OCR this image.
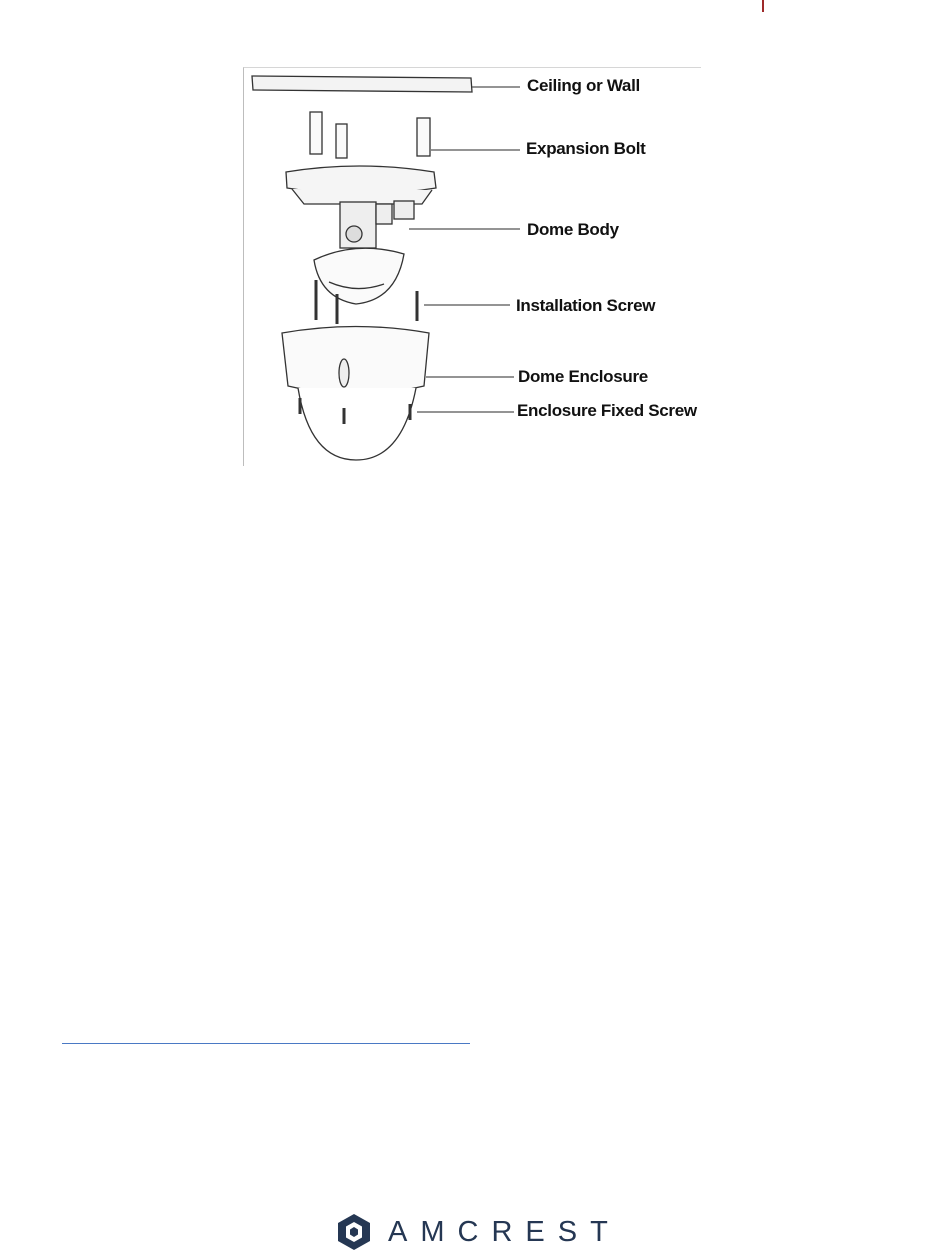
Ceiling or Wall
Expansion Bolt
Dome Body
Installation Screw
Dome Enclosure
Enclosure Fixed Screw
AMCREST
